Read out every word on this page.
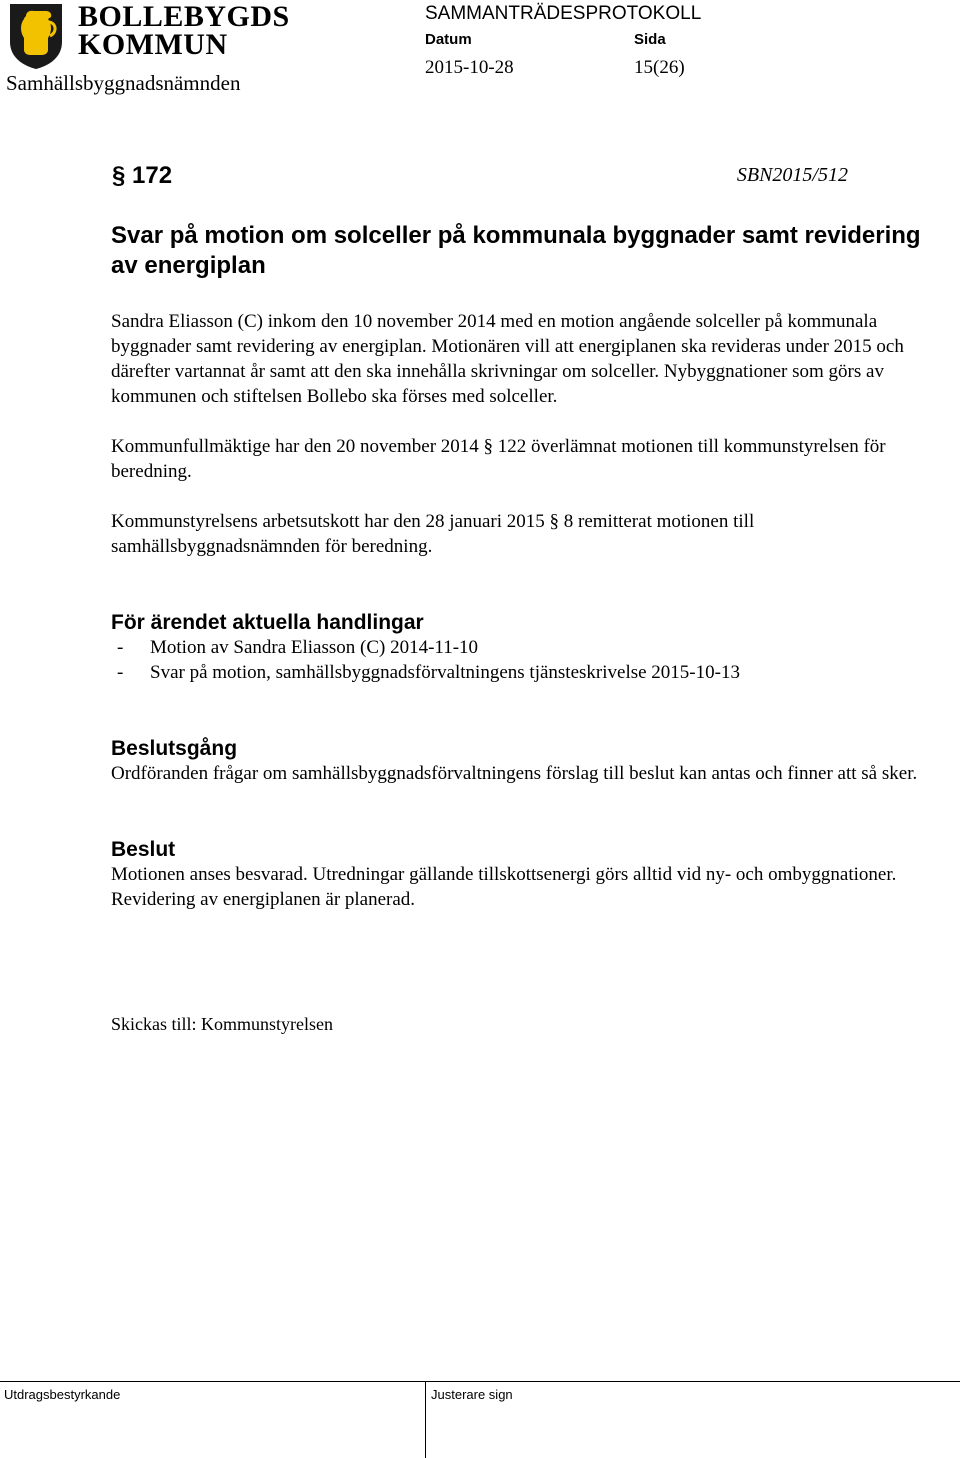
BOLLEBYGDS
KOMMUN
Samhällsbyggnadsnämnden
SAMMANTRÄDESPROTOKOLL
Datum	Sida
2015-10-28	15(26)
§ 172	SBN2015/512
Svar på motion om solceller på kommunala byggnader samt revidering av energiplan

Sandra Eliasson (C) inkom den 10 november 2014 med en motion angående solceller på kommunala byggnader samt revidering av energiplan. Motionären vill att energiplanen ska revideras under 2015 och därefter vartannat år samt att den ska innehålla skrivningar om solceller. Nybyggnationer som görs av kommunen och stiftelsen Bollebo ska förses med solceller.

Kommunfullmäktige har den 20 november 2014 § 122 överlämnat motionen till kommunstyrelsen för beredning.

Kommunstyrelsens arbetsutskott har den 28 januari 2015 § 8 remitterat motionen till samhällsbyggnadsnämnden för beredning.

För ärendet aktuella handlingar
-	Motion av Sandra Eliasson (C) 2014-11-10
-	Svar på motion, samhällsbyggnadsförvaltningens tjänsteskrivelse 2015-10-13
Beslutsgång

Ordföranden frågar om samhällsbyggnadsförvaltningens förslag till beslut kan antas och finner att så sker.

Beslut

Motionen anses besvarad. Utredningar gällande tillskottsenergi görs alltid vid ny- och ombyggnationer. Revidering av energiplanen är planerad.

Skickas till: Kommunstyrelsen

Utdragsbestyrkande	Justerare sign
